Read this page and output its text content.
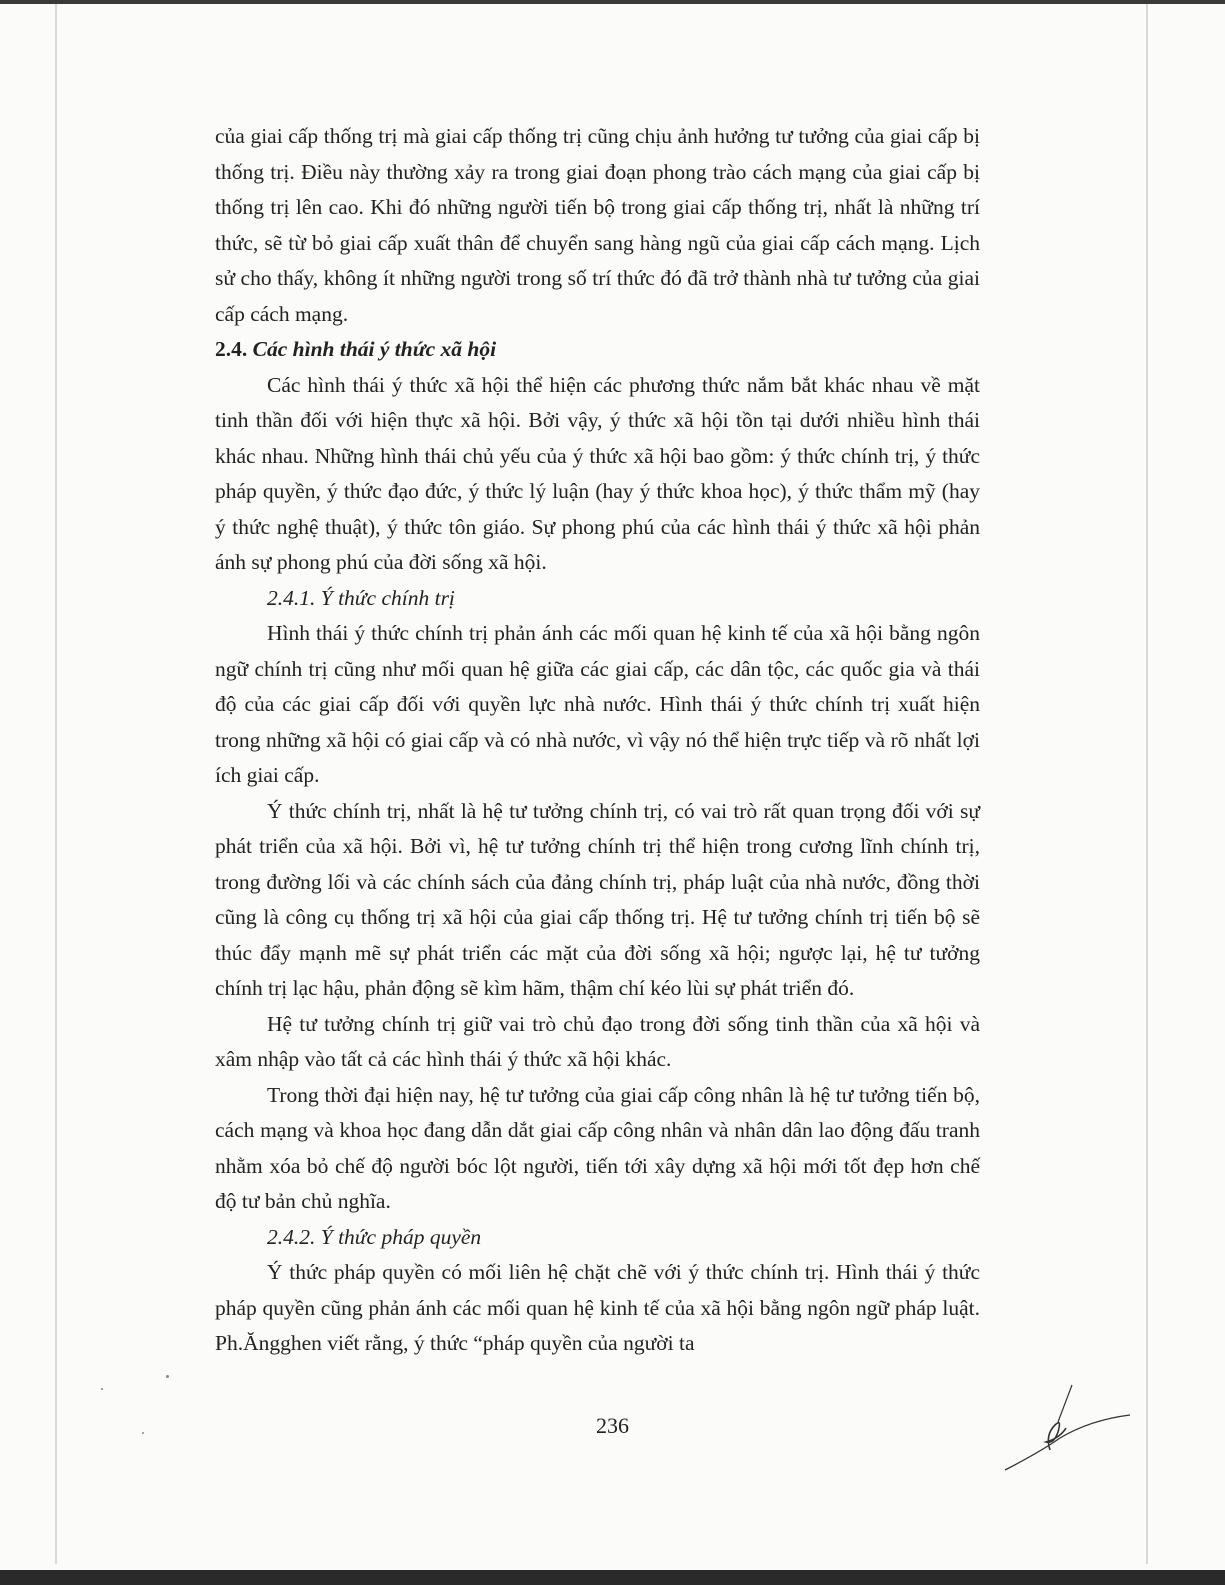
của giai cấp thống trị mà giai cấp thống trị cũng chịu ảnh hưởng tư tưởng của giai cấp bị thống trị. Điều này thường xảy ra trong giai đoạn phong trào cách mạng của giai cấp bị thống trị lên cao. Khi đó những người tiến bộ trong giai cấp thống trị, nhất là những trí thức, sẽ từ bỏ giai cấp xuất thân để chuyển sang hàng ngũ của giai cấp cách mạng. Lịch sử cho thấy, không ít những người trong số trí thức đó đã trở thành nhà tư tưởng của giai cấp cách mạng.

2.4. Các hình thái ý thức xã hội

Các hình thái ý thức xã hội thể hiện các phương thức nắm bắt khác nhau về mặt tinh thần đối với hiện thực xã hội. Bởi vậy, ý thức xã hội tồn tại dưới nhiều hình thái khác nhau. Những hình thái chủ yếu của ý thức xã hội bao gồm: ý thức chính trị, ý thức pháp quyền, ý thức đạo đức, ý thức lý luận (hay ý thức khoa học), ý thức thẩm mỹ (hay ý thức nghệ thuật), ý thức tôn giáo. Sự phong phú của các hình thái ý thức xã hội phản ánh sự phong phú của đời sống xã hội.

2.4.1. Ý thức chính trị

Hình thái ý thức chính trị phản ánh các mối quan hệ kinh tế của xã hội bằng ngôn ngữ chính trị cũng như mối quan hệ giữa các giai cấp, các dân tộc, các quốc gia và thái độ của các giai cấp đối với quyền lực nhà nước. Hình thái ý thức chính trị xuất hiện trong những xã hội có giai cấp và có nhà nước, vì vậy nó thể hiện trực tiếp và rõ nhất lợi ích giai cấp.

Ý thức chính trị, nhất là hệ tư tưởng chính trị, có vai trò rất quan trọng đối với sự phát triển của xã hội. Bởi vì, hệ tư tưởng chính trị thể hiện trong cương lĩnh chính trị, trong đường lối và các chính sách của đảng chính trị, pháp luật của nhà nước, đồng thời cũng là công cụ thống trị xã hội của giai cấp thống trị. Hệ tư tưởng chính trị tiến bộ sẽ thúc đẩy mạnh mẽ sự phát triển các mặt của đời sống xã hội; ngược lại, hệ tư tưởng chính trị lạc hậu, phản động sẽ kìm hãm, thậm chí kéo lùi sự phát triển đó.

Hệ tư tưởng chính trị giữ vai trò chủ đạo trong đời sống tinh thần của xã hội và xâm nhập vào tất cả các hình thái ý thức xã hội khác.

Trong thời đại hiện nay, hệ tư tưởng của giai cấp công nhân là hệ tư tưởng tiến bộ, cách mạng và khoa học đang dẫn dắt giai cấp công nhân và nhân dân lao động đấu tranh nhằm xóa bỏ chế độ người bóc lột người, tiến tới xây dựng xã hội mới tốt đẹp hơn chế độ tư bản chủ nghĩa.

2.4.2. Ý thức pháp quyền

Ý thức pháp quyền có mối liên hệ chặt chẽ với ý thức chính trị. Hình thái ý thức pháp quyền cũng phản ánh các mối quan hệ kinh tế của xã hội bằng ngôn ngữ pháp luật. Ph.Ăngghen viết rằng, ý thức “pháp quyền của người ta

236
